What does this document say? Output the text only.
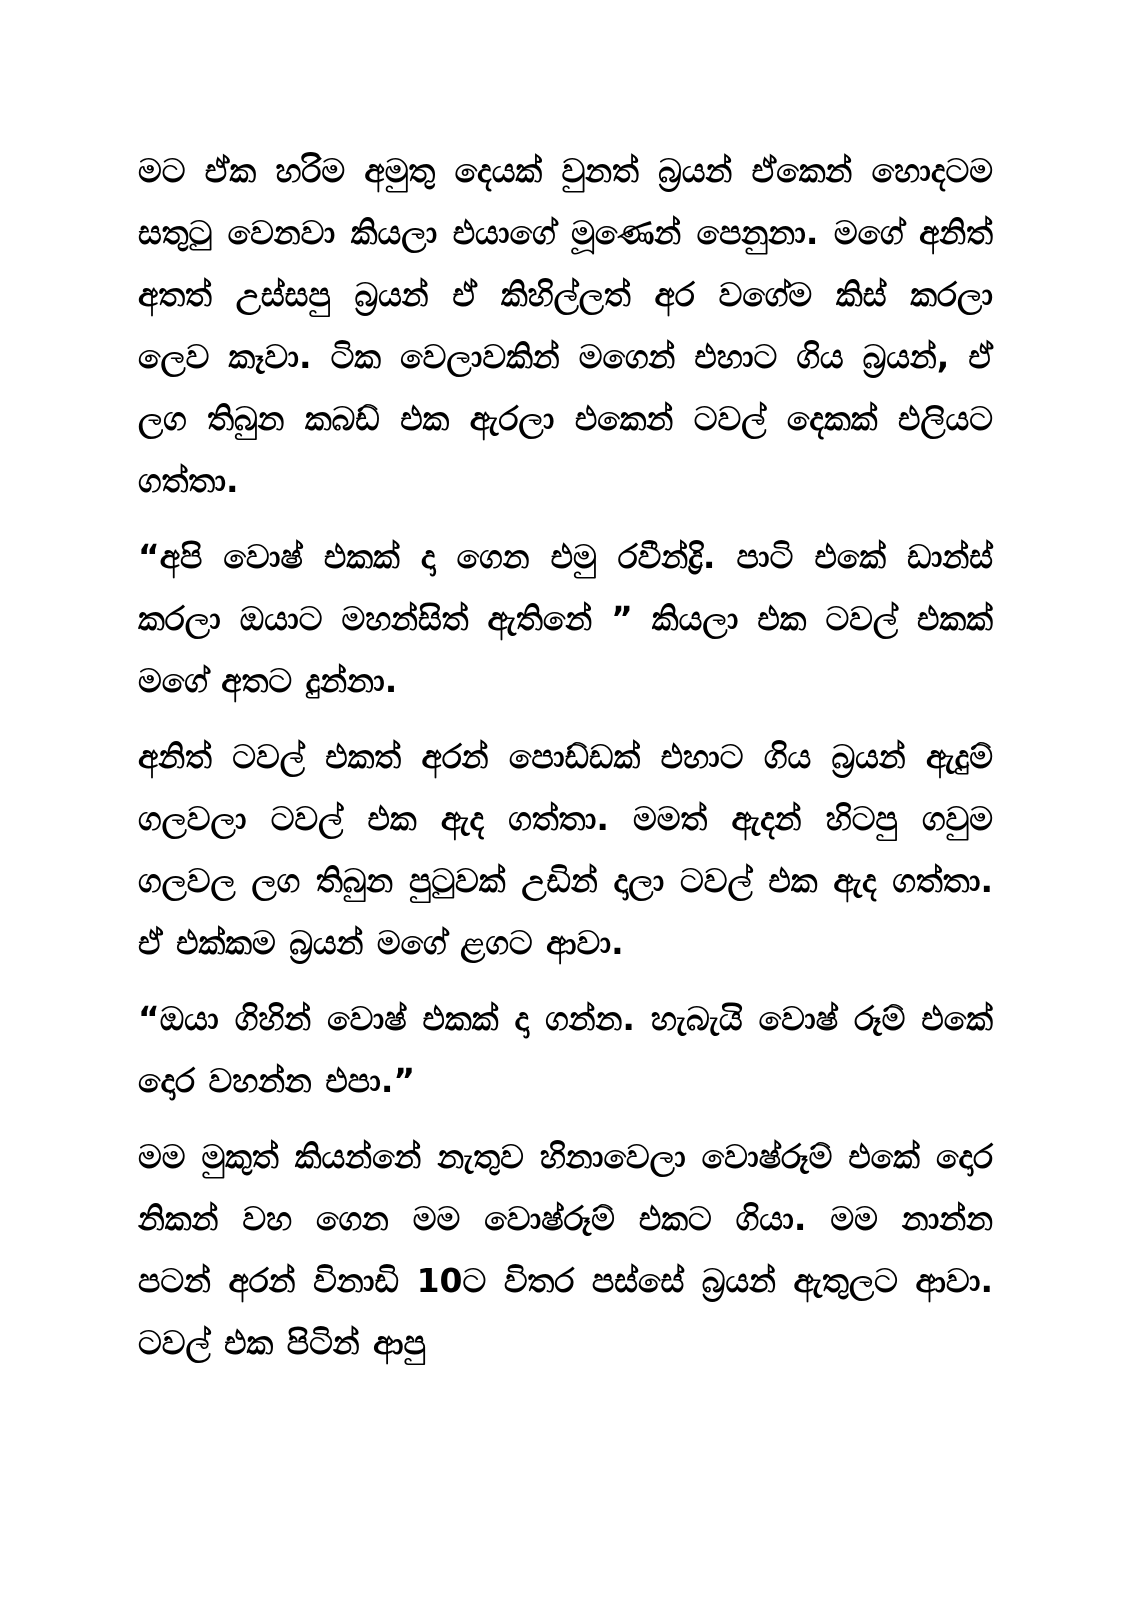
මට ඒක හරිම අමුතු දෙයක් වුනත් බ්‍රයන් ඒකෙන් හොදටම සතුටු වෙනවා කියලා එයාගේ මූණෙන් පෙනුනා. මගේ අනිත් අතත් උස්සපු බ්‍රයන් ඒ කිහිල්ලත් අර වගේම කිස් කරලා ලෙව කෑවා. ටික වෙලාවකින් මගෙන් එහාට ගිය බ්‍රයන්, ඒ ලග තිබුන කබඩ් එක ඇරලා එකෙන් ටවල් දෙකක් එලියට ගත්තා.

“අපි වොෂ් එකක් දා ගෙන එමු රවීන්ද්‍රි. පාටි එකේ ඩාන්ස් කරලා ඔයාට මහන්සිත් ඇතිනේ ” කියලා එක ටවල් එකක් මගේ අතට දුන්නා.

අනිත් ටවල් එකත් අරන් පොඩ්ඩක් එහාට ගිය බ්‍රයන් ඇදුම් ගලවලා ටවල් එක ඇද ගත්තා. මමත් ඇදන් හිටපු ගවුම ගලවල ලග තිබුන පුටුවක් උඩින් දාලා ටවල් එක ඇද ගත්තා. ඒ එක්කම බ්‍රයන් මගේ ළගට ආවා.

“ඔයා ගිහින් වොෂ් එකක් දා ගන්න. හැබැයි වොෂ් රූම් එකේ දොර වහන්න එපා.”

මම මුකුත් කියන්නේ නැතුව හිනාවෙලා වොෂ්රූම් එකේ දොර නිකන් වහ ගෙන මම වොෂ්රූම් එකට ගියා. මම නාන්න පටන් අරන් විනාඩි 10ට විතර පස්සේ බ්‍රයන් ඇතුලට ආවා. ටවල් එක පිටින් ආපු
